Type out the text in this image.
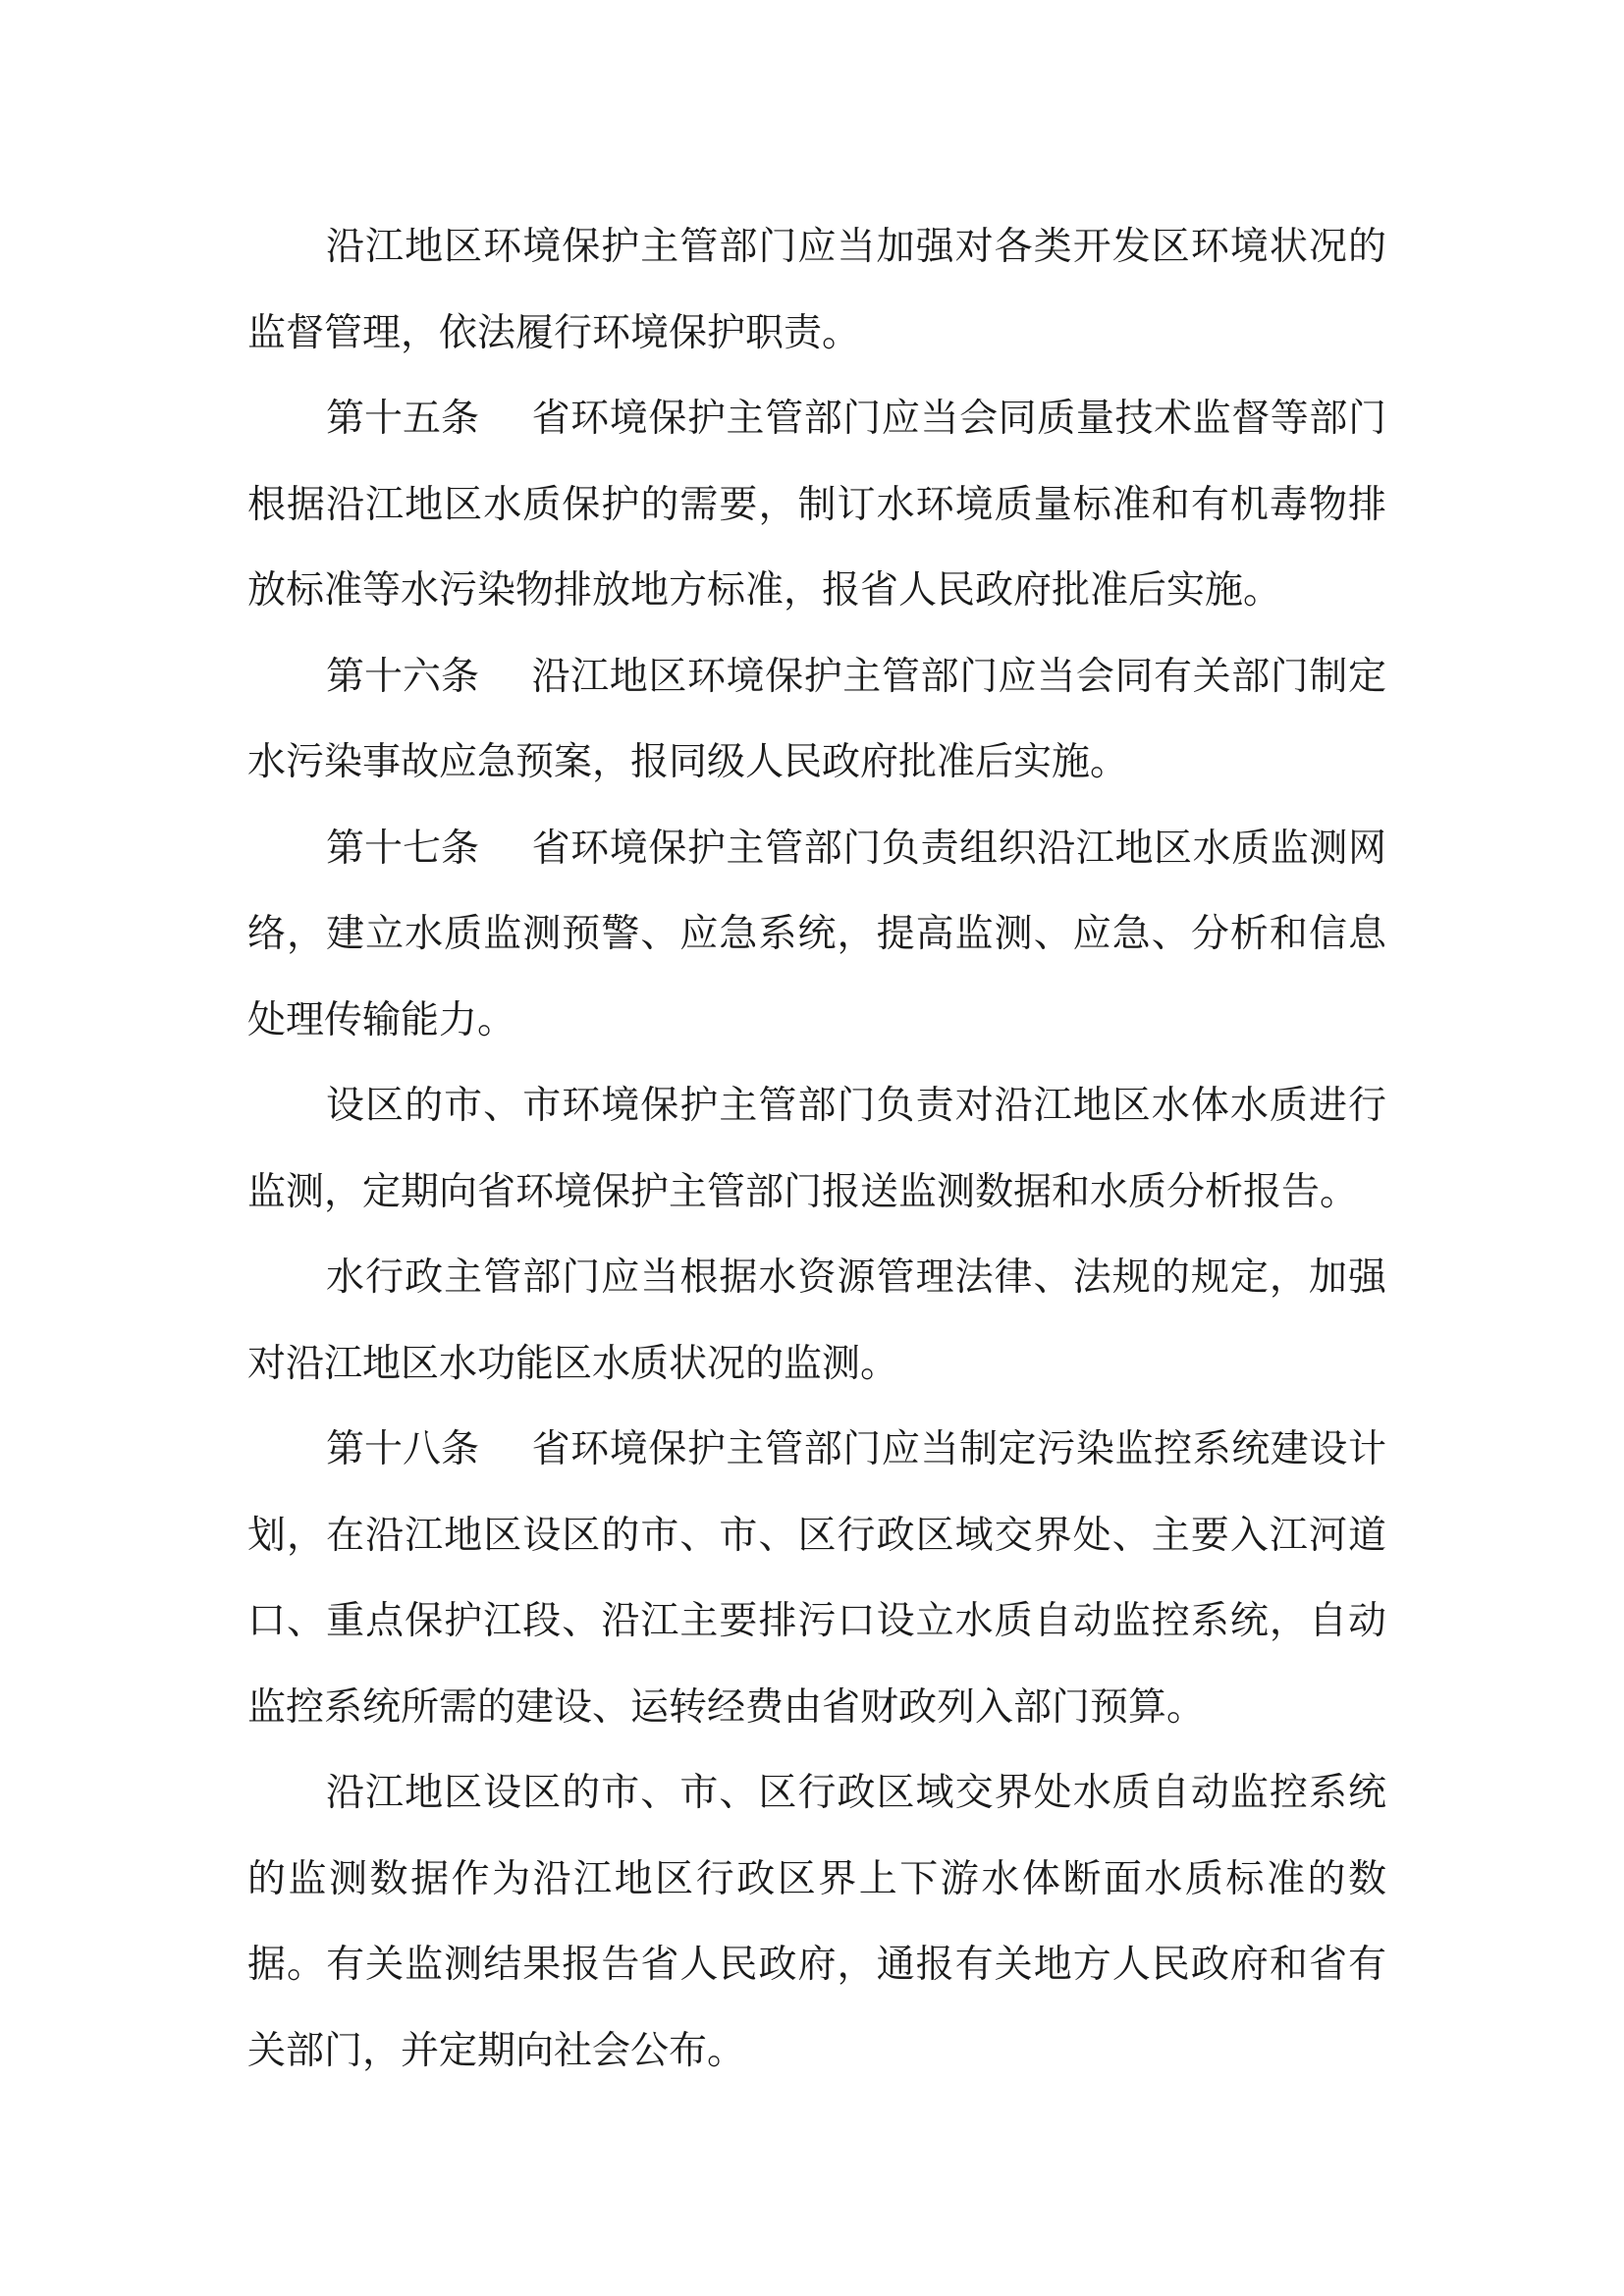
沿江地区环境保护主管部门应当加强对各类开发区环境状况的监督管理，依法履行环境保护职责。

第十五条 省环境保护主管部门应当会同质量技术监督等部门根据沿江地区水质保护的需要，制订水环境质量标准和有机毒物排放标准等水污染物排放地方标准，报省人民政府批准后实施。

第十六条 沿江地区环境保护主管部门应当会同有关部门制定水污染事故应急预案，报同级人民政府批准后实施。

第十七条 省环境保护主管部门负责组织沿江地区水质监测网络，建立水质监测预警、应急系统，提高监测、应急、分析和信息处理传输能力。

设区的市、市环境保护主管部门负责对沿江地区水体水质进行监测，定期向省环境保护主管部门报送监测数据和水质分析报告。

水行政主管部门应当根据水资源管理法律、法规的规定，加强对沿江地区水功能区水质状况的监测。

第十八条 省环境保护主管部门应当制定污染监控系统建设计划，在沿江地区设区的市、市、区行政区域交界处、主要入江河道口、重点保护江段、沿江主要排污口设立水质自动监控系统，自动监控系统所需的建设、运转经费由省财政列入部门预算。

沿江地区设区的市、市、区行政区域交界处水质自动监控系统的监测数据作为沿江地区行政区界上下游水体断面水质标准的数据。有关监测结果报告省人民政府，通报有关地方人民政府和省有关部门，并定期向社会公布。
